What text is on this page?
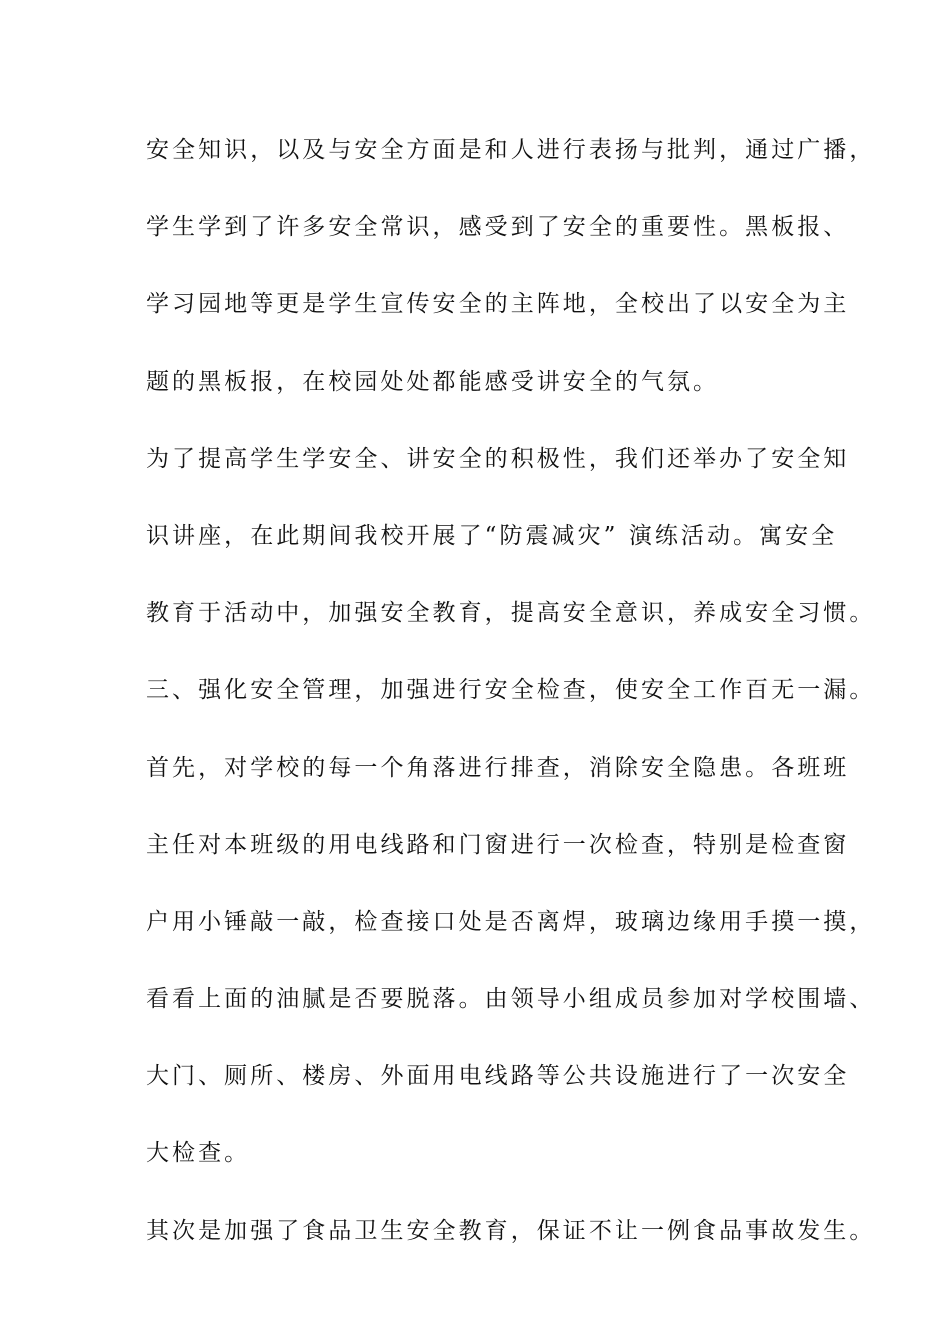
安全知识，以及与安全方面是和人进行表扬与批判，通过广播，
学生学到了许多安全常识，感受到了安全的重要性。黑板报、
学习园地等更是学生宣传安全的主阵地，全校出了以安全为主
题的黑板报，在校园处处都能感受讲安全的气氛。
为了提高学生学安全、讲安全的积极性，我们还举办了安全知
识讲座，在此期间我校开展了“防震减灾” 演练活动。寓安全
教育于活动中，加强安全教育，提高安全意识，养成安全习惯。
三、强化安全管理，加强进行安全检查，使安全工作百无一漏。
首先，对学校的每一个角落进行排查，消除安全隐患。各班班
主任对本班级的用电线路和门窗进行一次检查，特别是检查窗
户用小锤敲一敲，检查接口处是否离焊，玻璃边缘用手摸一摸，
看看上面的油腻是否要脱落。由领导小组成员参加对学校围墙、
大门、厕所、楼房、外面用电线路等公共设施进行了一次安全
大检查。
其次是加强了食品卫生安全教育，保证不让一例食品事故发生。
